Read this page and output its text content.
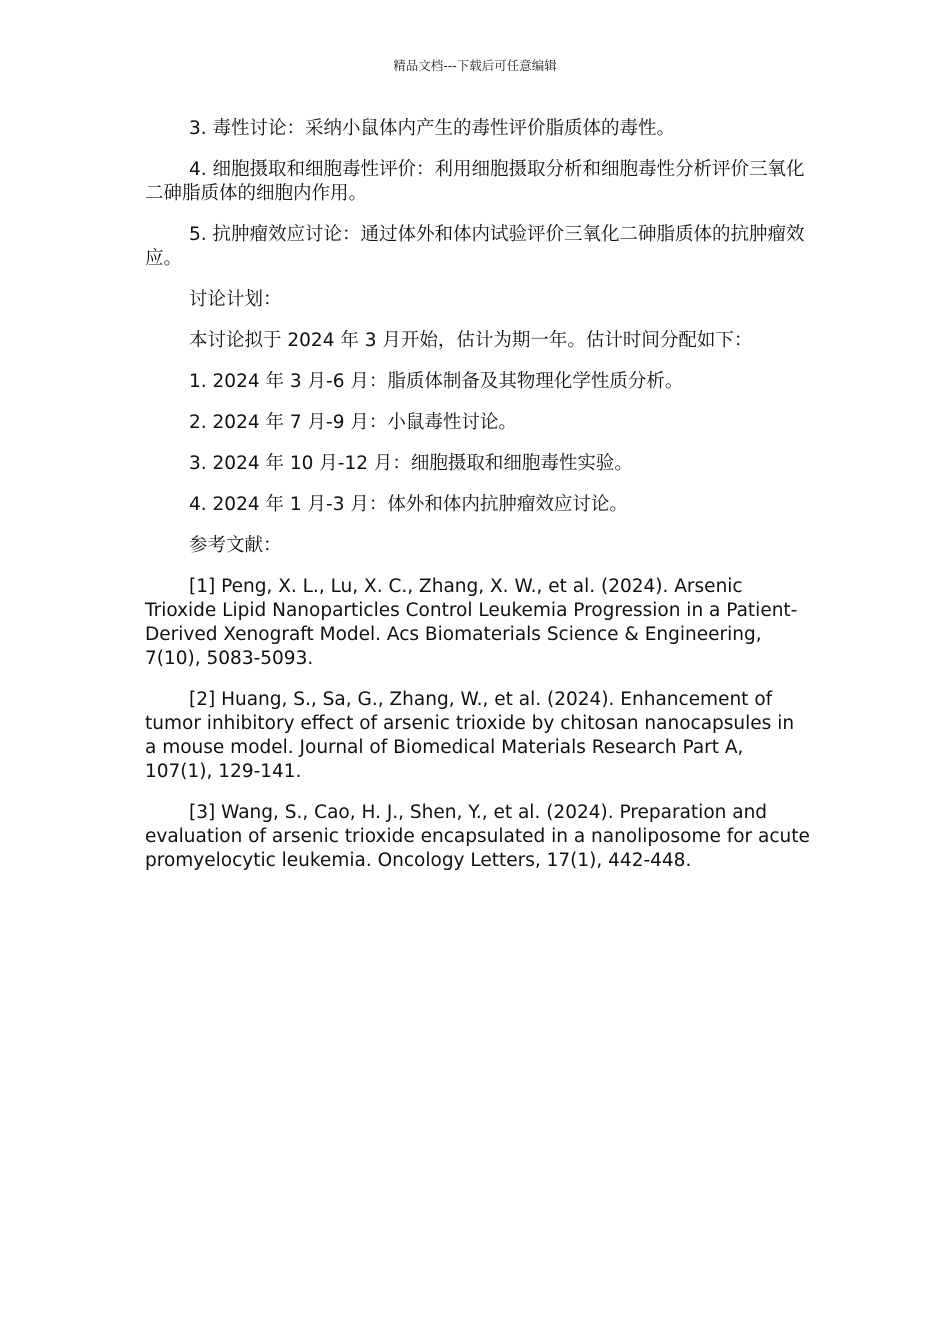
精品文档---下载后可任意编辑

3. 毒性讨论：采纳小鼠体内产生的毒性评价脂质体的毒性。

4. 细胞摄取和细胞毒性评价：利用细胞摄取分析和细胞毒性分析评价三氧化二砷脂质体的细胞内作用。

5. 抗肿瘤效应讨论：通过体外和体内试验评价三氧化二砷脂质体的抗肿瘤效应。

讨论计划：

本讨论拟于 2024 年 3 月开始，估计为期一年。估计时间分配如下：

1. 2024 年 3 月-6 月：脂质体制备及其物理化学性质分析。

2. 2024 年 7 月-9 月：小鼠毒性讨论。

3. 2024 年 10 月-12 月：细胞摄取和细胞毒性实验。

4. 2024 年 1 月-3 月：体外和体内抗肿瘤效应讨论。

参考文献：

[1] Peng, X. L., Lu, X. C., Zhang, X. W., et al. (2024). Arsenic Trioxide Lipid Nanoparticles Control Leukemia Progression in a Patient-Derived Xenograft Model. Acs Biomaterials Science & Engineering, 7(10), 5083-5093.

[2] Huang, S., Sa, G., Zhang, W., et al. (2024). Enhancement of tumor inhibitory effect of arsenic trioxide by chitosan nanocapsules in a mouse model. Journal of Biomedical Materials Research Part A, 107(1), 129-141.

[3] Wang, S., Cao, H. J., Shen, Y., et al. (2024). Preparation and evaluation of arsenic trioxide encapsulated in a nanoliposome for acute promyelocytic leukemia. Oncology Letters, 17(1), 442-448.
